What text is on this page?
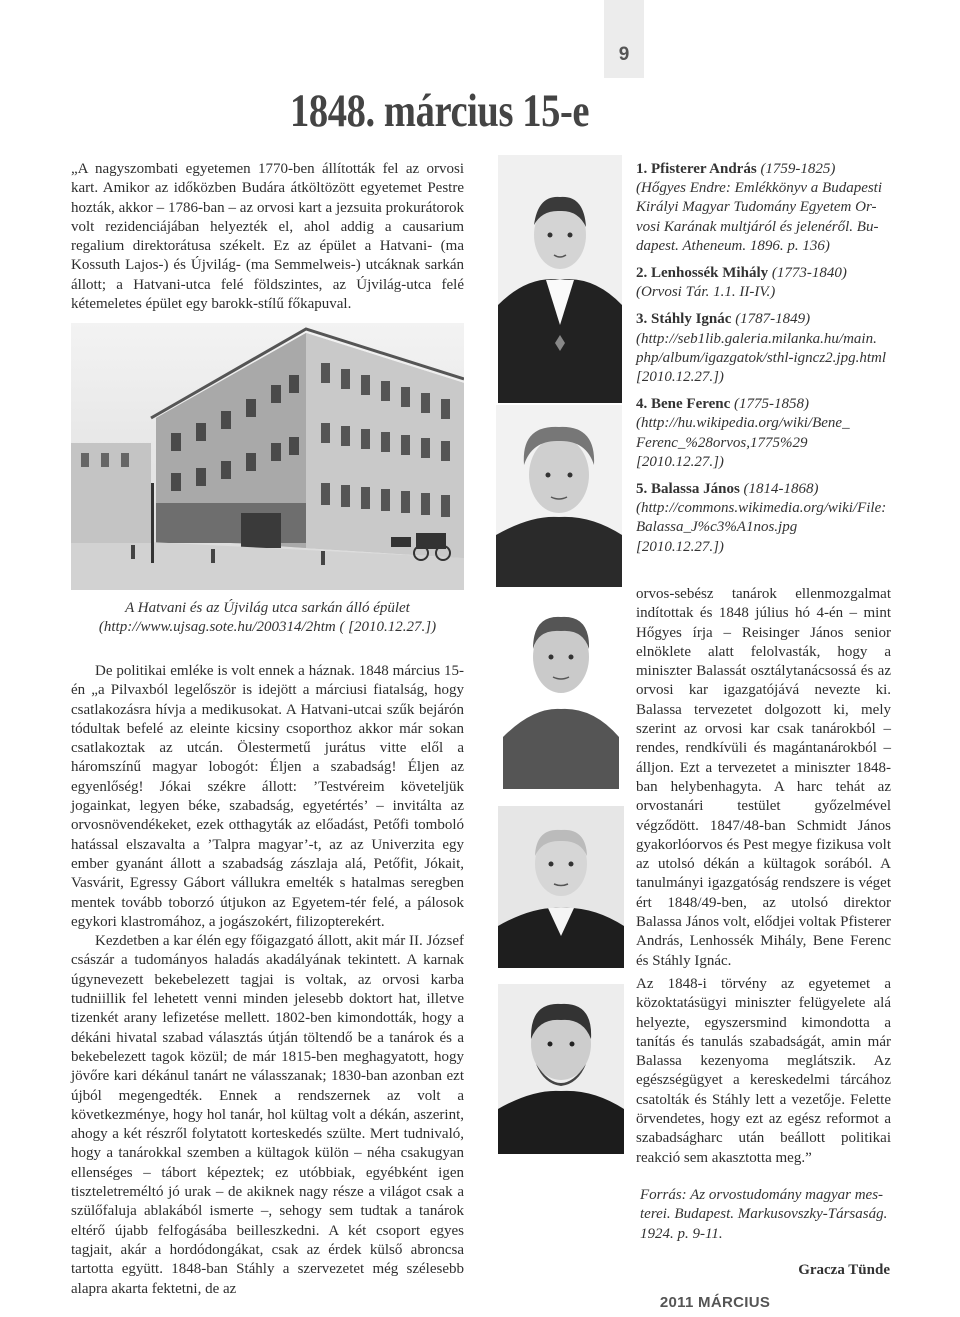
9
1848. március 15-e

„A nagyszombati egyetemen 1770-ben állították fel az orvosi kart. Amikor az időközben Budára átköltözött egyetemet Pestre hozták, akkor – 1786-ban – az orvosi kart a jezsuita prokurátorok volt rezidenciájában helyezték el, ahol addig a causarium regalium direktorátusa székelt. Ez az épület a Hatvani- (ma Kossuth Lajos-) és Újvilág- (ma Semmelweis-) utcáknak sarkán állott; a Hatvani-utca felé földszintes, az Újvilág-utca felé kétemeletes épület egy barokk-stílű főkapuval.

A Hatvani és az Újvilág utca sarkán álló épület
(http://www.ujsag.sote.hu/200314/2htm ( [2010.12.27.])

De politikai emléke is volt ennek a háznak. 1848 március 15-én „a Pilvaxból legelőször is idejött a márciusi fiatalság, hogy csatlakozásra hívja a medikusokat. A Hatvani-utcai szűk bejárón tódultak befelé az eleinte kicsiny csoporthoz akkor már sokan csatlakoztak az utcán. Ölestermetű jurátus vitte elől a háromszínű magyar lobogót: Éljen a szabadság! Éljen az egyenlőség! Jókai székre állott: ’Testvéreim követeljük jogainkat, legyen béke, szabadság, egyetértés’ – invitálta az orvosnövendékeket, ezek otthagyták az előadást, Petőfi tomboló hatással elszavalta a ’Talpra magyar’-t, az az Univerzita egy ember gyanánt állott a szabadság zászlaja alá, Petőfit, Jókait, Vasvárit, Egressy Gábort vállukra emelték s hatalmas seregben mentek tovább toborzó útjukon az Egyetem-tér felé, a pálosok egykori klastromához, a jogászokért, filizopterekért.

Kezdetben a kar élén egy főigazgató állott, akit már II. József császár a tudományos haladás akadályának tekintett. A karnak úgynevezett bekebelezett tagjai is voltak, az orvosi karba tudniillik fel lehetett venni minden jelesebb doktort hat, illetve tizenkét arany lefizetése mellett. 1802-ben kimondották, hogy a dékáni hivatal szabad választás útján töltendő be a tanárok és a bekebelezett tagok közül; de már 1815-ben meghagyatott, hogy jövőre kari dékánul tanárt ne válasszanak; 1830-ban azonban ezt újból megengedték. Ennek a rendszernek az volt a következménye, hogy hol tanár, hol kültag volt a dékán, aszerint, ahogy a két részről folytatott korteskedés szülte. Mert tudnivaló, hogy a tanárokkal szemben a kültagok külön – néha csakugyan ellenséges – tábort képeztek; ez utóbbiak, egyébként igen tiszteletreméltó jó urak – de akiknek nagy része a világot csak a szülőfaluja ablakából ismerte –, sehogy sem tudtak a tanárok eltérő újabb felfogásába beilleszkedni. A két csoport egyes tagjait, akár a hordódongákat, csak az érdek külső abroncsa tartotta együtt. 1848-ban Stáhly a szervezetet még szélesebb alapra akarta fektetni, de az

1. Pfisterer András (1759-1825)
(Hőgyes Endre: Emlékkönyv a Budapesti
Királyi Magyar Tudomány Egyetem Or-
vosi Karának multjáról és jelenéről. Bu-
dapest. Atheneum. 1896. p. 136)
2. Lenhossék Mihály (1773-1840)
(Orvosi Tár. 1.1. II-IV.)
3. Stáhly Ignác (1787-1849)
(http://seb1lib.galeria.milanka.hu/main.
php/album/igazgatok/sthl-igncz2.jpg.html
[2010.12.27.])
4. Bene Ferenc (1775-1858)
(http://hu.wikipedia.org/wiki/Bene_
Ferenc_%28orvos,1775%29
[2010.12.27.])
5. Balassa János (1814-1868)
(http://commons.wikimedia.org/wiki/File:
Balassa_J%c3%A1nos.jpg
[2010.12.27.])

orvos-sebész tanárok ellenmozgalmat indítottak és 1848 július hó 4-én – mint Hőgyes írja – Reisinger János senior elnöklete alatt felolvasták, hogy a miniszter Balassát osztálytanácsossá és az orvosi kar igazgatójává nevezte ki. Balassa tervezetet dolgozott ki, mely szerint az orvosi kar csak tanárokból – rendes, rendkívüli és magántanárokból – álljon. Ezt a tervezetet a miniszter 1848-ban helybenhagyta. A harc tehát az orvostanári testület győzelmével végződött. 1847/48-ban Schmidt János gyakorlóorvos és Pest megye fizikusa volt az utolsó dékán a kültagok sorából. A tanulmányi igazgatóság rendszere is véget ért 1848/49-ben, az utolsó direktor Balassa János volt, elődjei voltak Pfisterer András, Lenhossék Mihály, Bene Ferenc és Stáhly Ignác.

Az 1848-i törvény az egyetemet a közoktatásügyi miniszter felügyelete alá helyezte, egyszersmind kimondotta a tanítás és tanulás szabadságát, amin már Balassa kezenyoma meglátszik. Az egészségügyet a kereskedelmi tárcához csatolták és Stáhly lett a vezetője. Felette örvendetes, hogy ezt az egész reformot a szabadságharc után beállott politikai reakció sem akasztotta meg.”

Forrás: Az orvostudomány magyar mes-
terei. Budapest. Markusovszky-Társaság.
1924. p. 9-11.
Gracza Tünde
2011 MÁRCIUS
